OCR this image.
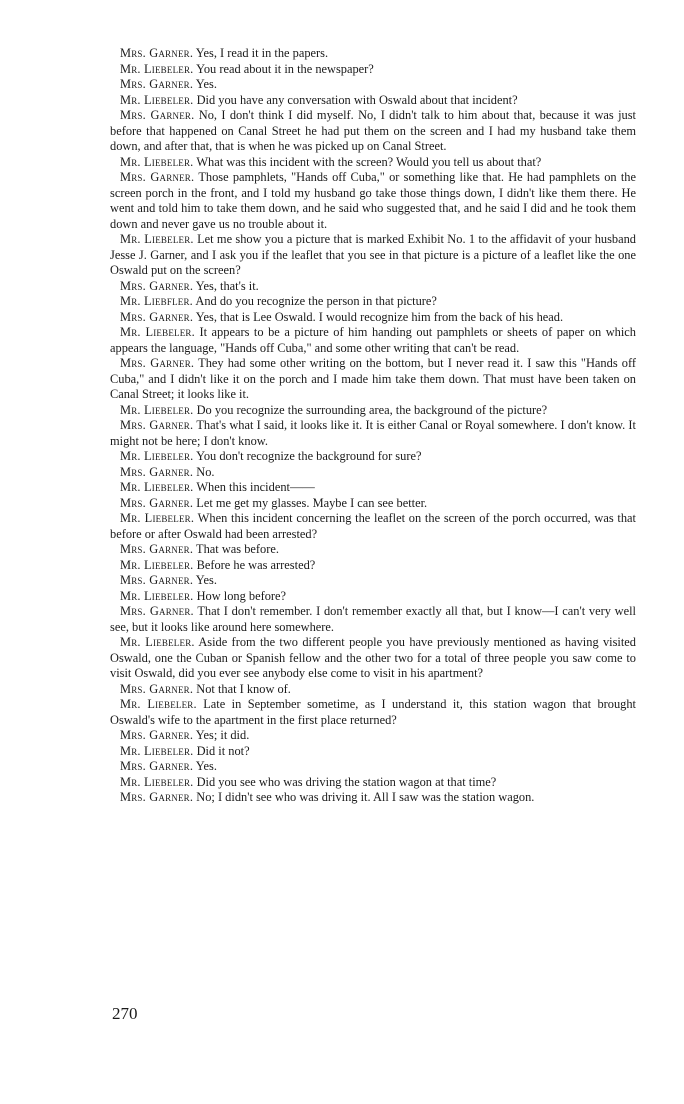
Mrs. Garner. Yes, I read it in the papers.

Mr. Liebeler. You read about it in the newspaper?

Mrs. Garner. Yes.

Mr. Liebeler. Did you have any conversation with Oswald about that incident?

Mrs. Garner. No, I don't think I did myself. No, I didn't talk to him about that, because it was just before that happened on Canal Street he had put them on the screen and I had my husband take them down, and after that, that is when he was picked up on Canal Street.

Mr. Liebeler. What was this incident with the screen? Would you tell us about that?

Mrs. Garner. Those pamphlets, "Hands off Cuba," or something like that. He had pamphlets on the screen porch in the front, and I told my husband go take those things down, I didn't like them there. He went and told him to take them down, and he said who suggested that, and he said I did and he took them down and never gave us no trouble about it.

Mr. Liebeler. Let me show you a picture that is marked Exhibit No. 1 to the affidavit of your husband Jesse J. Garner, and I ask you if the leaflet that you see in that picture is a picture of a leaflet like the one Oswald put on the screen?

Mrs. Garner. Yes, that's it.

Mr. Liebfler. And do you recognize the person in that picture?

Mrs. Garner. Yes, that is Lee Oswald. I would recognize him from the back of his head.

Mr. Liebeler. It appears to be a picture of him handing out pamphlets or sheets of paper on which appears the language, "Hands off Cuba," and some other writing that can't be read.

Mrs. Garner. They had some other writing on the bottom, but I never read it. I saw this "Hands off Cuba," and I didn't like it on the porch and I made him take them down. That must have been taken on Canal Street; it looks like it.

Mr. Liebeler. Do you recognize the surrounding area, the background of the picture?

Mrs. Garner. That's what I said, it looks like it. It is either Canal or Royal somewhere. I don't know. It might not be here; I don't know.

Mr. Liebeler. You don't recognize the background for sure?

Mrs. Garner. No.

Mr. Liebeler. When this incident——

Mrs. Garner. Let me get my glasses. Maybe I can see better.

Mr. Liebeler. When this incident concerning the leaflet on the screen of the porch occurred, was that before or after Oswald had been arrested?

Mrs. Garner. That was before.

Mr. Liebeler. Before he was arrested?

Mrs. Garner. Yes.

Mr. Liebeler. How long before?

Mrs. Garner. That I don't remember. I don't remember exactly all that, but I know—I can't very well see, but it looks like around here somewhere.

Mr. Liebeler. Aside from the two different people you have previously mentioned as having visited Oswald, one the Cuban or Spanish fellow and the other two for a total of three people you saw come to visit Oswald, did you ever see anybody else come to visit in his apartment?

Mrs. Garner. Not that I know of.

Mr. Liebeler. Late in September sometime, as I understand it, this station wagon that brought Oswald's wife to the apartment in the first place returned?

Mrs. Garner. Yes; it did.

Mr. Liebeler. Did it not?

Mrs. Garner. Yes.

Mr. Liebeler. Did you see who was driving the station wagon at that time?

Mrs. Garner. No; I didn't see who was driving it. All I saw was the station wagon.

270
